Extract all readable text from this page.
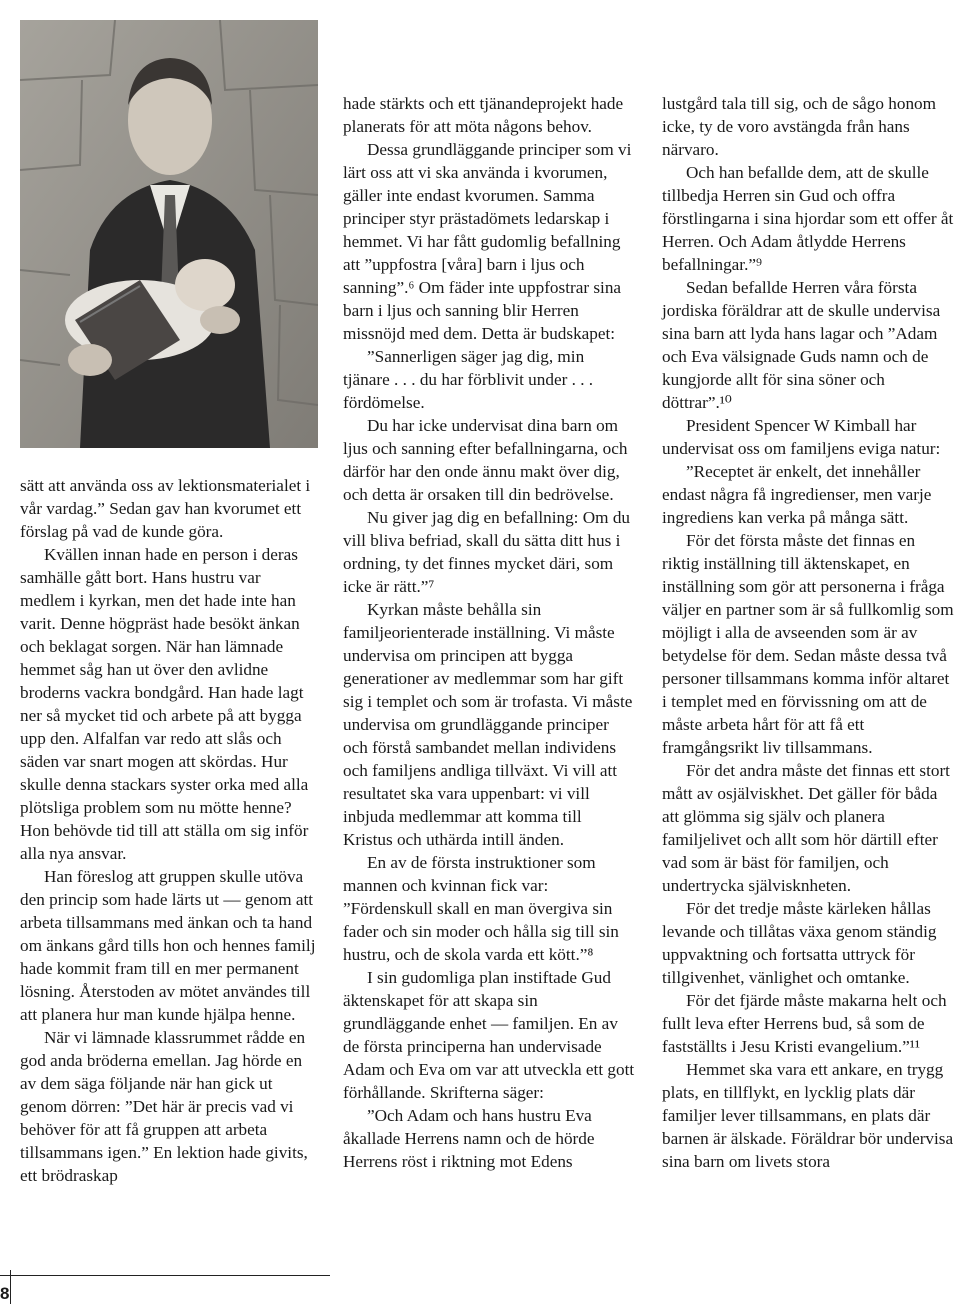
sätt att använda oss av lektionsmaterialet i vår vardag.” Sedan gav han kvorumet ett förslag på vad de kunde göra.

Kvällen innan hade en person i deras samhälle gått bort. Hans hustru var medlem i kyrkan, men det hade inte han varit. Denne högpräst hade besökt änkan och beklagat sorgen. När han lämnade hemmet såg han ut över den avlidne broderns vackra bondgård. Han hade lagt ner så mycket tid och arbete på att bygga upp den. Alfalfan var redo att slås och säden var snart mogen att skördas. Hur skulle denna stackars syster orka med alla plötsliga problem som nu mötte henne? Hon behövde tid till att ställa om sig inför alla nya ansvar.

Han föreslog att gruppen skulle utöva den princip som hade lärts ut — genom att arbeta tillsammans med änkan och ta hand om änkans gård tills hon och hennes familj hade kommit fram till en mer permanent lösning. Återstoden av mötet användes till att planera hur man kunde hjälpa henne.

När vi lämnade klassrummet rådde en god anda bröderna emellan. Jag hörde en av dem säga följande när han gick ut genom dörren: ”Det här är precis vad vi behöver för att få gruppen att arbeta tillsammans igen.” En lektion hade givits, ett brödraskap

hade stärkts och ett tjänandeprojekt hade planerats för att möta någons behov.

Dessa grundläggande principer som vi lärt oss att vi ska använda i kvorumen, gäller inte endast kvorumen. Samma principer styr prästadömets ledarskap i hemmet. Vi har fått gudomlig befallning att ”uppfostra [våra] barn i ljus och sanning”.⁶ Om fäder inte uppfostrar sina barn i ljus och sanning blir Herren missnöjd med dem. Detta är budskapet:

”Sannerligen säger jag dig, min tjänare . . . du har förblivit under . . . fördömelse.

Du har icke undervisat dina barn om ljus och sanning efter befallningarna, och därför har den onde ännu makt över dig, och detta är orsaken till din bedrövelse.

Nu giver jag dig en befallning: Om du vill bliva befriad, skall du sätta ditt hus i ordning, ty det finnes mycket däri, som icke är rätt.”⁷

Kyrkan måste behålla sin familjeorienterade inställning. Vi måste undervisa om principen att bygga generationer av medlemmar som har gift sig i templet och som är trofasta. Vi måste undervisa om grundläggande principer och förstå sambandet mellan individens och familjens andliga tillväxt. Vi vill att resultatet ska vara uppenbart: vi vill inbjuda medlemmar att komma till Kristus och uthärda intill änden.

En av de första instruktioner som mannen och kvinnan fick var: ”Fördenskull skall en man övergiva sin fader och sin moder och hålla sig till sin hustru, och de skola varda ett kött.”⁸

I sin gudomliga plan instiftade Gud äktenskapet för att skapa sin grundläggande enhet — familjen. En av de första principerna han undervisade Adam och Eva om var att utveckla ett gott förhållande. Skrifterna säger:

”Och Adam och hans hustru Eva åkallade Herrens namn och de hörde Herrens röst i riktning mot Edens

lustgård tala till sig, och de sågo honom icke, ty de voro avstängda från hans närvaro.

Och han befallde dem, att de skulle tillbedja Herren sin Gud och offra förstlingarna i sina hjordar som ett offer åt Herren. Och Adam åtlydde Herrens befallningar.”⁹

Sedan befallde Herren våra första jordiska föräldrar att de skulle undervisa sina barn att lyda hans lagar och ”Adam och Eva välsignade Guds namn och de kungjorde allt för sina söner och döttrar”.¹⁰

President Spencer W Kimball har undervisat oss om familjens eviga natur:

”Receptet är enkelt, det innehåller endast några få ingredienser, men varje ingrediens kan verka på många sätt.

För det första måste det finnas en riktig inställning till äktenskapet, en inställning som gör att personerna i fråga väljer en partner som är så fullkomlig som möjligt i alla de avseenden som är av betydelse för dem. Sedan måste dessa två personer tillsammans komma inför altaret i templet med en förvissning om att de måste arbeta hårt för att få ett framgångsrikt liv tillsammans.

För det andra måste det finnas ett stort mått av osjälviskhet. Det gäller för båda att glömma sig själv och planera familjelivet och allt som hör därtill efter vad som är bäst för familjen, och undertrycka självisknheten.

För det tredje måste kärleken hållas levande och tillåtas växa genom ständig uppvaktning och fortsatta uttryck för tillgivenhet, vänlighet och omtanke.

För det fjärde måste makarna helt och fullt leva efter Herrens bud, så som de fastställts i Jesu Kristi evangelium.”¹¹

Hemmet ska vara ett ankare, en trygg plats, en tillflykt, en lycklig plats där familjer lever tillsammans, en plats där barnen är älskade. Föräldrar bör undervisa sina barn om livets stora

8
